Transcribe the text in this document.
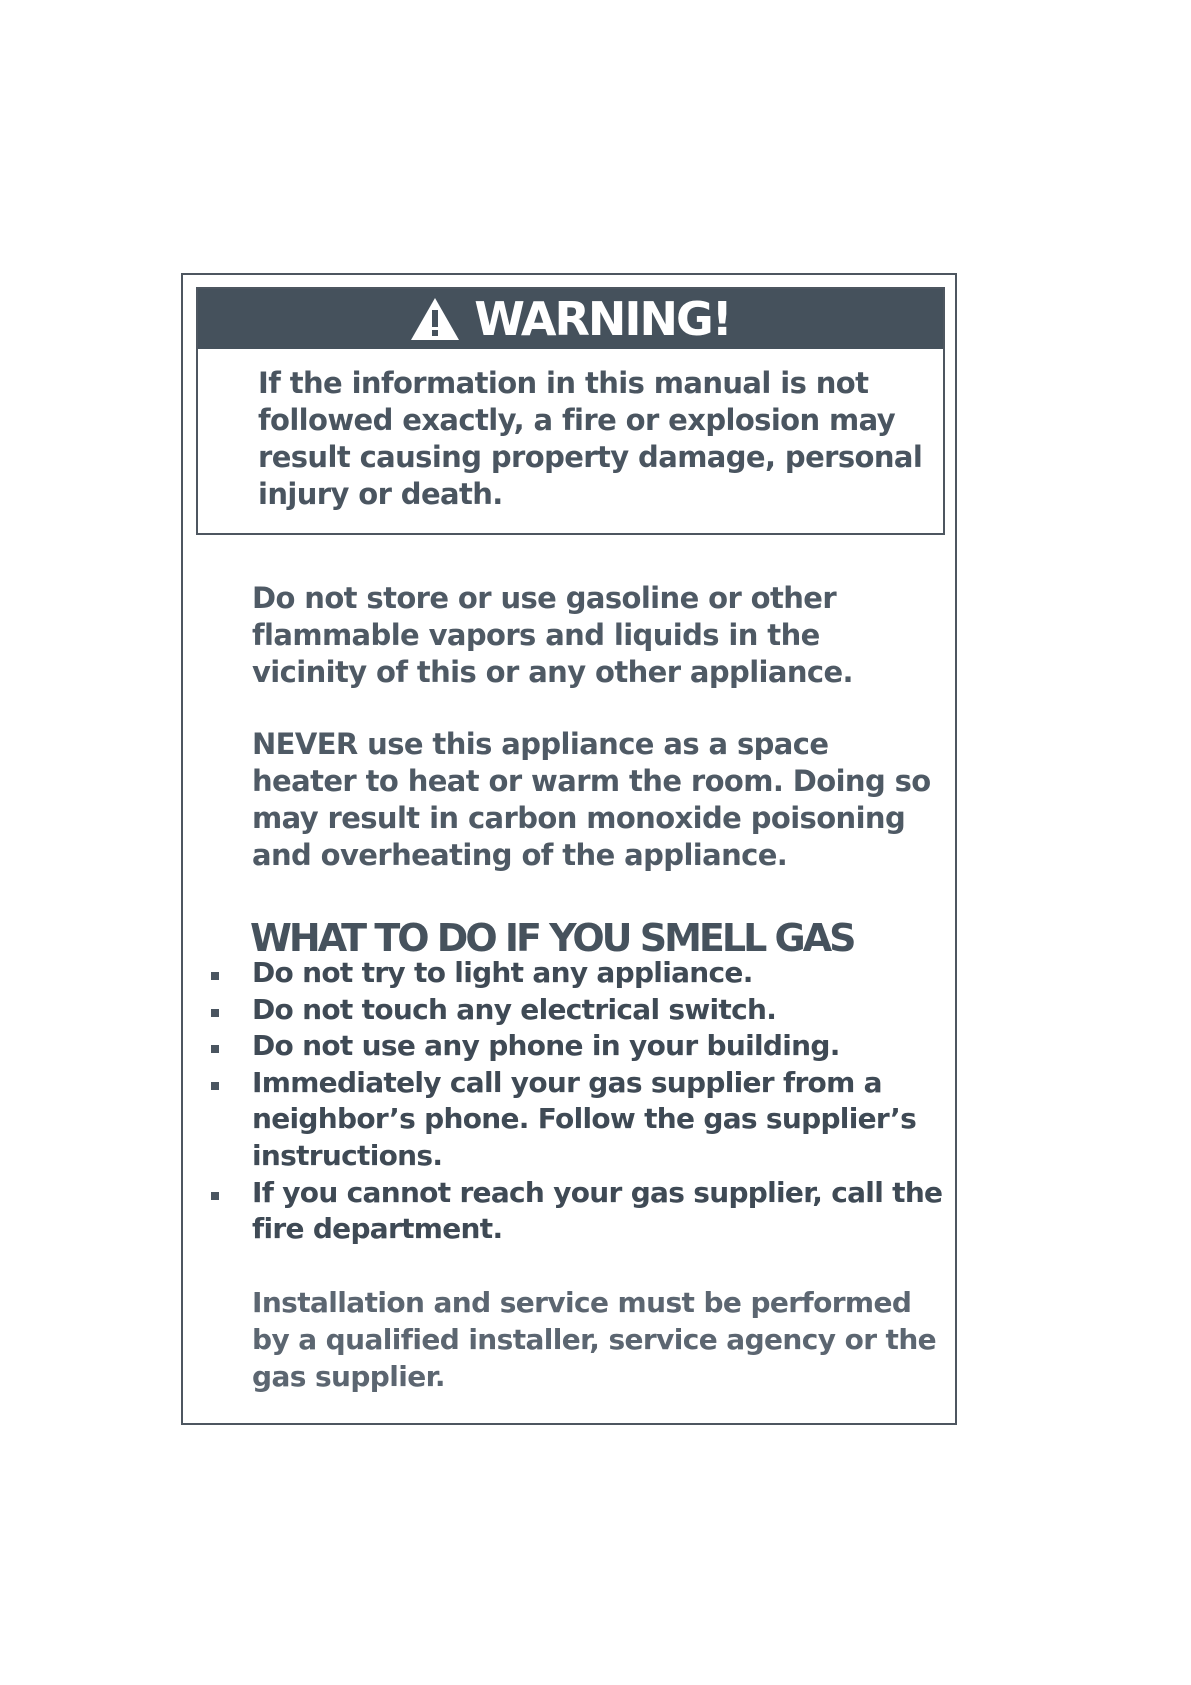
WARNING!

If the information in this manual is not followed exactly, a fire or explosion may result causing property damage, personal injury or death.

Do not store or use gasoline or other flammable vapors and liquids in the vicinity of this or any other appliance.

NEVER use this appliance as a space heater to heat or warm the room. Doing so may result in carbon monoxide poisoning and overheating of the appliance.

WHAT TO DO IF YOU SMELL GAS
Do not try to light any appliance.
Do not touch any electrical switch.
Do not use any phone in your building.
Immediately call your gas supplier from a neighbor’s phone. Follow the gas supplier’s instructions.
If you cannot reach your gas supplier, call the fire department.

Installation and service must be performed by a qualified installer, service agency or the gas supplier.
